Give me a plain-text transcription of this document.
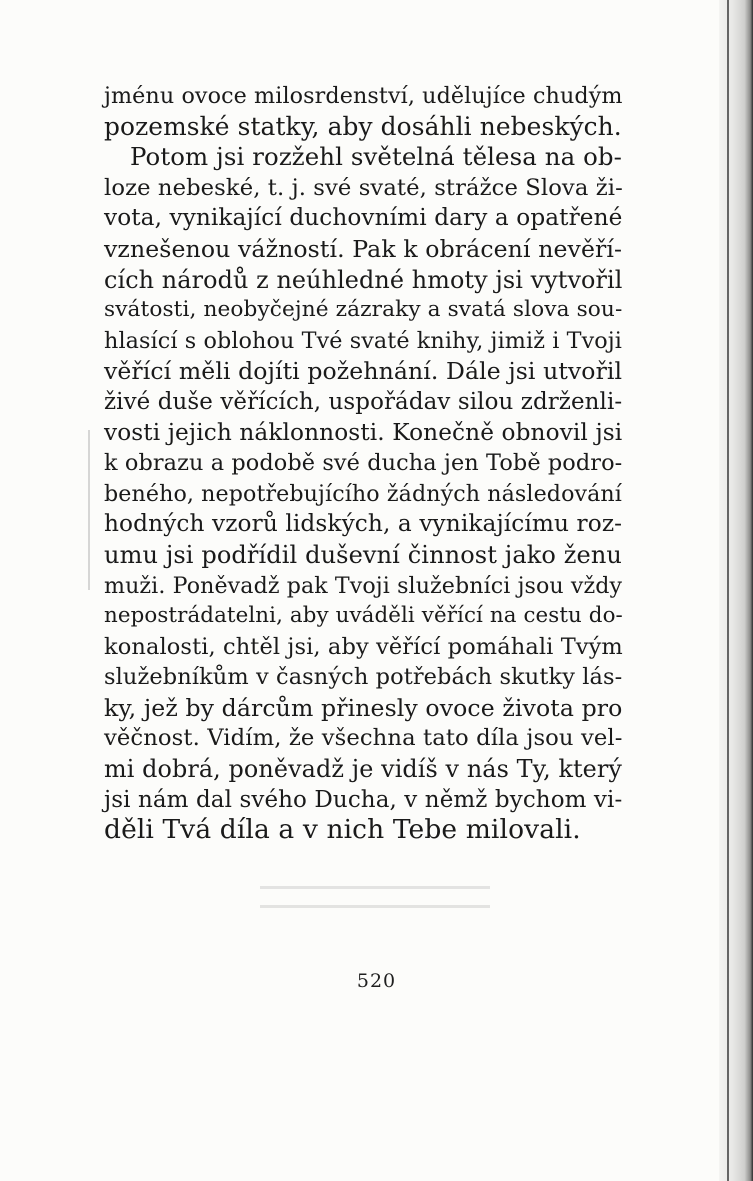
jménu ovoce milosrdenství, udělujíce chudým
pozemské statky, aby dosáhli nebeských.
Potom jsi rozžehl světelná tělesa na ob-
loze nebeské, t. j. své svaté, strážce Slova ži-
vota, vynikající duchovními dary a opatřené
vznešenou vážností. Pak k obrácení nevěří-
cích národů z neúhledné hmoty jsi vytvořil
svátosti, neobyčejné zázraky a svatá slova sou-
hlasící s oblohou Tvé svaté knihy, jimiž i Tvoji
věřící měli dojíti požehnání. Dále jsi utvořil
živé duše věřících, uspořádav silou zdrženli-
vosti jejich náklonnosti. Konečně obnovil jsi
k obrazu a podobě své ducha jen Tobě podro-
beného, nepotřebujícího žádných následování
hodných vzorů lidských, a vynikajícímu roz-
umu jsi podřídil duševní činnost jako ženu
muži. Poněvadž pak Tvoji služebníci jsou vždy
nepostrádatelni, aby uváděli věřící na cestu do-
konalosti, chtěl jsi, aby věřící pomáhali Tvým
služebníkům v časných potřebách skutky lás-
ky, jež by dárcům přinesly ovoce života pro
věčnost. Vidím, že všechna tato díla jsou vel-
mi dobrá, poněvadž je vidíš v nás Ty, který
jsi nám dal svého Ducha, v němž bychom vi-
děli Tvá díla a v nich Tebe milovali.
520
